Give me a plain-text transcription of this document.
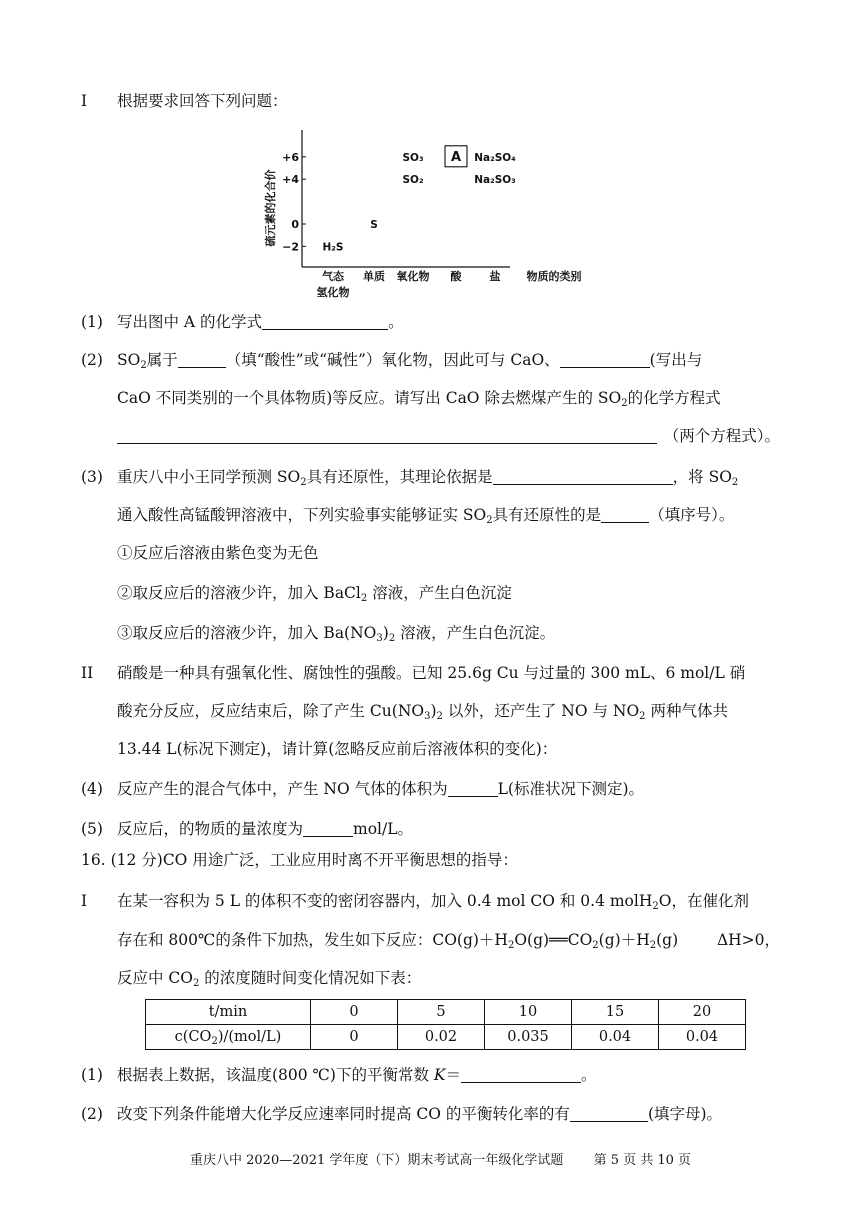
I 根据要求回答下列问题：
硫元素的化合价
+6
+4
0
−2
气态 单质 氧化物 酸	盐
氢化物
物质的类别
H₂S
S
SO₃
SO₂
A Na₂SO₄
Na₂SO₃
(1) 写出图中 A 的化学式	。
(2) $SO_2$属于	（填“酸性”或“碱性”）氧化物，因此可与 CaO、	(写出与
CaO 不同类别的一个具体物质)等反应。请写出 CaO 除去燃煤产生的 $SO_2$的化学方程式
（两个方程式）。
(3) 重庆八中小王同学预测 $SO_2$具有还原性，其理论依据是	，将 $SO_2$
通入酸性高锰酸钾溶液中，下列实验事实能够证实 $SO_2$具有还原性的是	（填序号）。
①反应后溶液由紫色变为无色
②取反应后的溶液少许，加入 BaCl$_2$ 溶液，产生白色沉淀
③取反应后的溶液少许，加入 $Ba(NO_3)_2$ 溶液，产生白色沉淀。
II 硝酸是一种具有强氧化性、腐蚀性的强酸。已知 25.6g Cu 与过量的 300 mL、6 mol/L 硝
酸充分反应，反应结束后，除了产生 $Cu(NO_3)_2$ 以外，还产生了 NO 与 $NO_2$ 两种气体共
13.44 L(标况下测定)，请计算(忽略反应前后溶液体积的变化)：
(4) 反应产生的混合气体中，产生 NO 气体的体积为	L(标准状况下测定)。
(5) 反应后，的物质的量浓度为	mol/L。
16. (12 分)CO 用途广泛，工业应用时离不开平衡思想的指导：
I 在某一容积为 5 L 的体积不变的密闭容器内，加入 0.4 mol CO 和 0.4 molH$_2$O，在催化剂
存在和 800℃的条件下加热，发生如下反应：$CO(g)+H_2O(g)══CO_2(g)+H_2(g)$	ΔH>0，
反应中 $CO_2$ 的浓度随时间变化情况如下表：
t/min	0	5	10	15	20
$c(CO_2)/(mol/L)$	0	0.02	0.035	0.04	0.04
(1) 根据表上数据，该温度(800 ℃)下的平衡常数 K＝	。
(2) 改变下列条件能增大化学反应速率同时提高 CO 的平衡转化率的有	(填字母)。
重庆八中 2020—2021 学年度（下）期末考试高一年级化学试题 第 5 页 共 10 页
